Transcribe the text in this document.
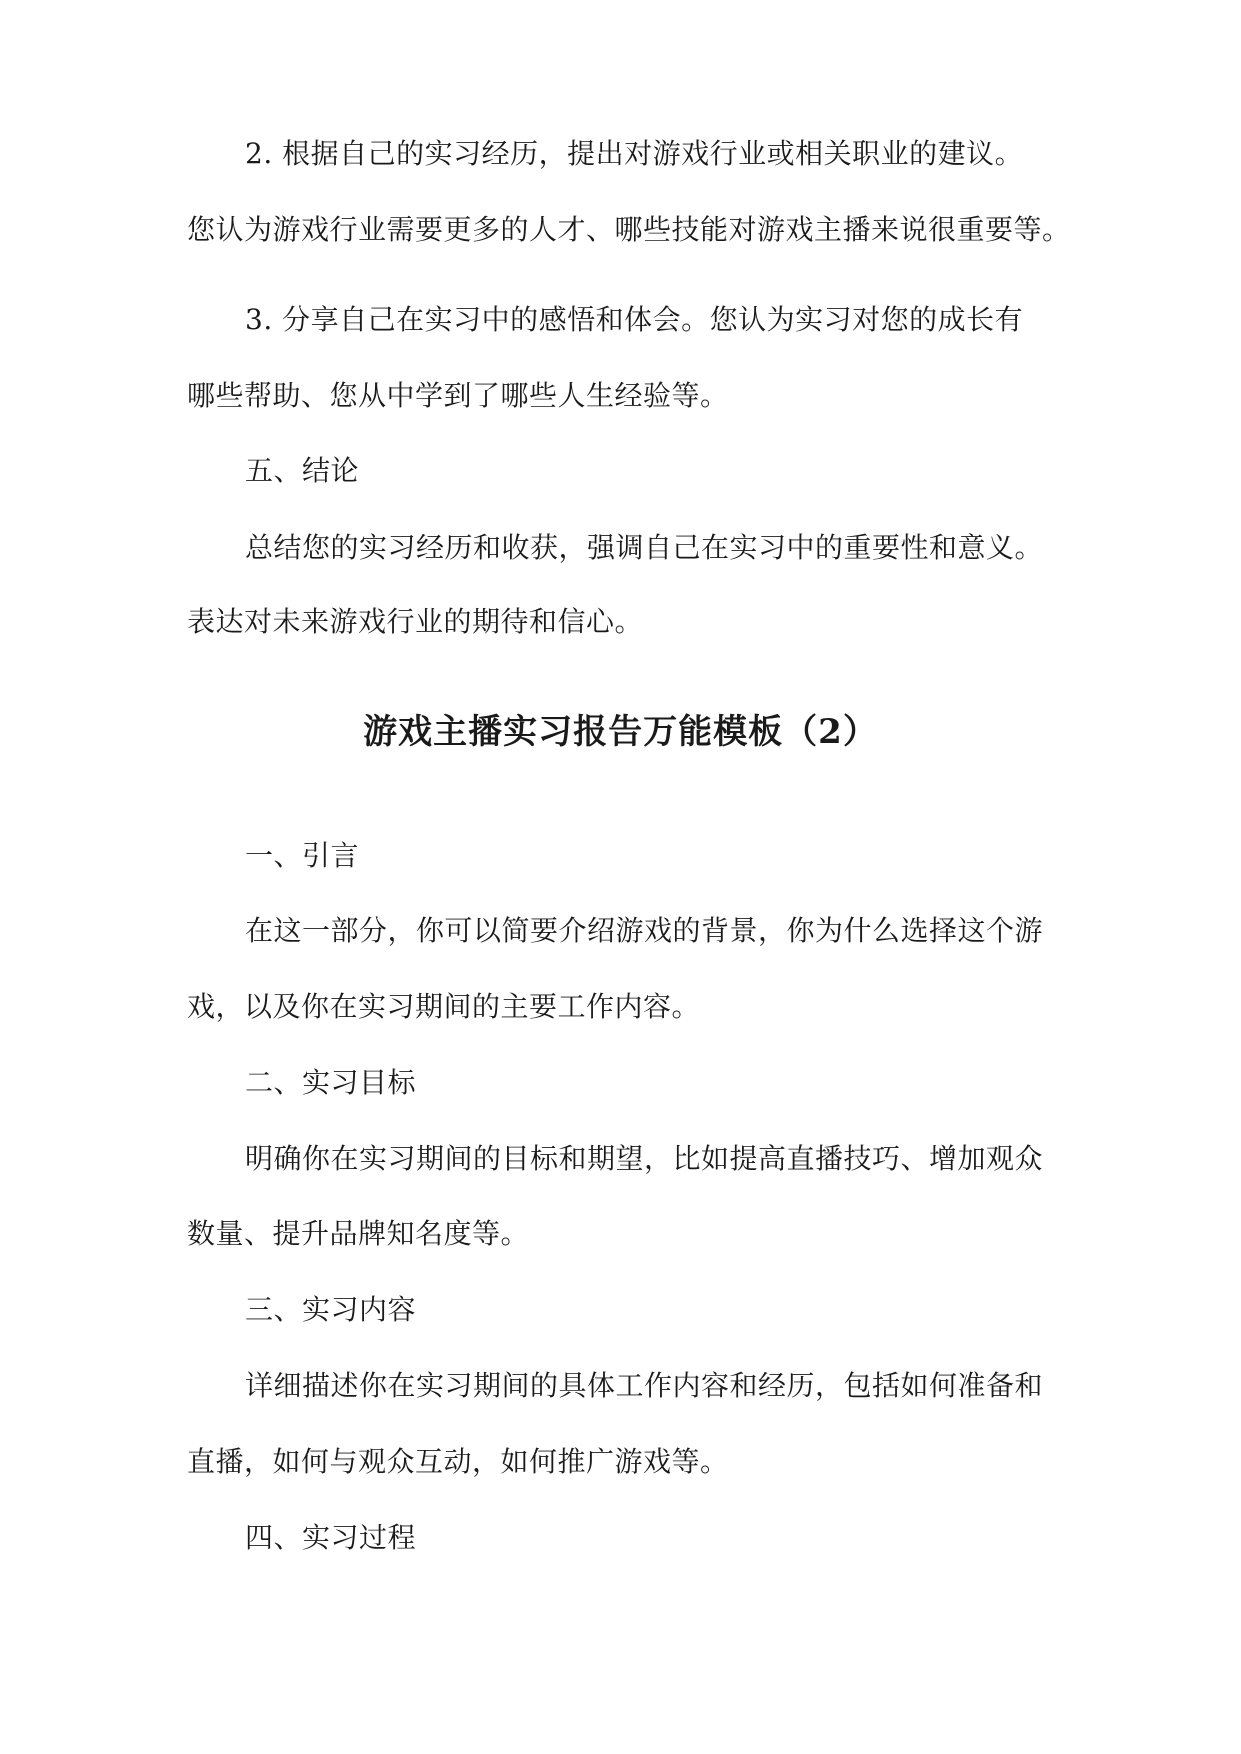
2. 根据自己的实习经历，提出对游戏行业或相关职业的建议。
您认为游戏行业需要更多的人才、哪些技能对游戏主播来说很重要等。
3. 分享自己在实习中的感悟和体会。您认为实习对您的成长有
哪些帮助、您从中学到了哪些人生经验等。
五、结论
总结您的实习经历和收获，强调自己在实习中的重要性和意义。
表达对未来游戏行业的期待和信心。
游戏主播实习报告万能模板（2）
一、引言
在这一部分，你可以简要介绍游戏的背景，你为什么选择这个游
戏，以及你在实习期间的主要工作内容。
二、实习目标
明确你在实习期间的目标和期望，比如提高直播技巧、增加观众
数量、提升品牌知名度等。
三、实习内容
详细描述你在实习期间的具体工作内容和经历，包括如何准备和
直播，如何与观众互动，如何推广游戏等。
四、实习过程
